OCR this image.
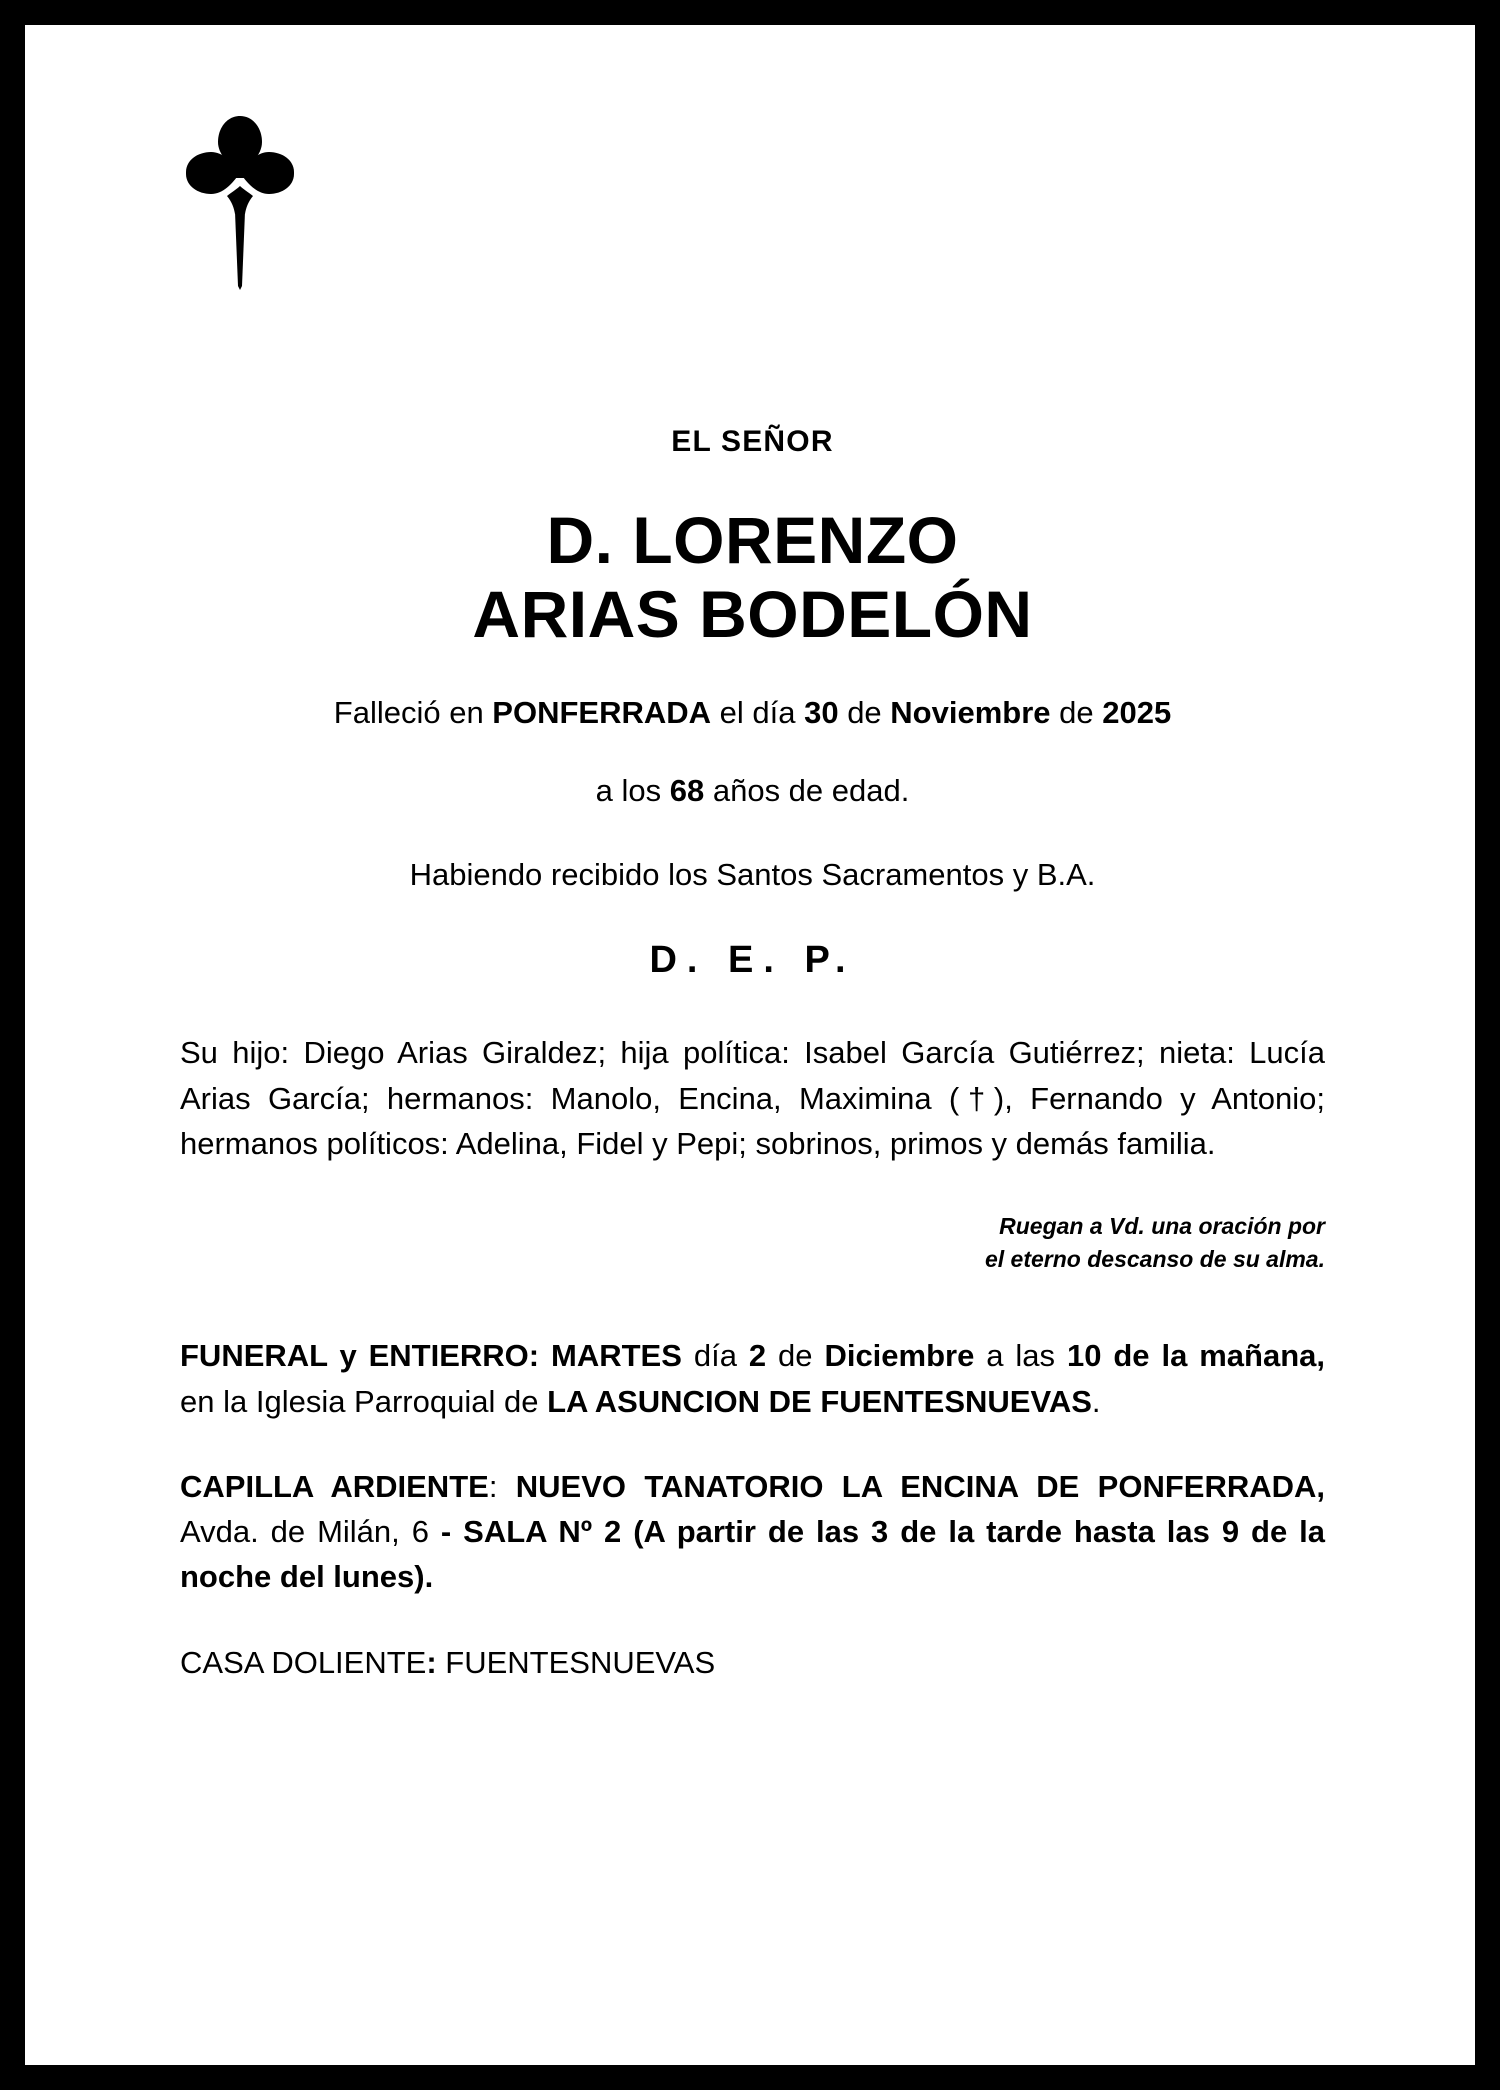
EL SEÑOR
D. LORENZO
ARIAS BODELÓN
Falleció en PONFERRADA el día 30 de Noviembre de 2025
a los 68 años de edad.
Habiendo recibido los Santos Sacramentos y B.A.
D. E. P.
Su hijo: Diego Arias Giraldez; hija política: Isabel García Gutiérrez; nieta: Lucía Arias García; hermanos: Manolo, Encina, Maximina (†), Fernando y Antonio; hermanos políticos: Adelina, Fidel y Pepi; sobrinos, primos y demás familia.
Ruegan a Vd. una oración por
el eterno descanso de su alma.
FUNERAL y ENTIERRO: MARTES día 2 de Diciembre a las 10 de la mañana, en la Iglesia Parroquial de LA ASUNCION DE FUENTESNUEVAS.
CAPILLA ARDIENTE: NUEVO TANATORIO LA ENCINA DE PONFERRADA, Avda. de Milán, 6 - SALA Nº 2 (A partir de las 3 de la tarde hasta las 9 de la noche del lunes).
CASA DOLIENTE: FUENTESNUEVAS
